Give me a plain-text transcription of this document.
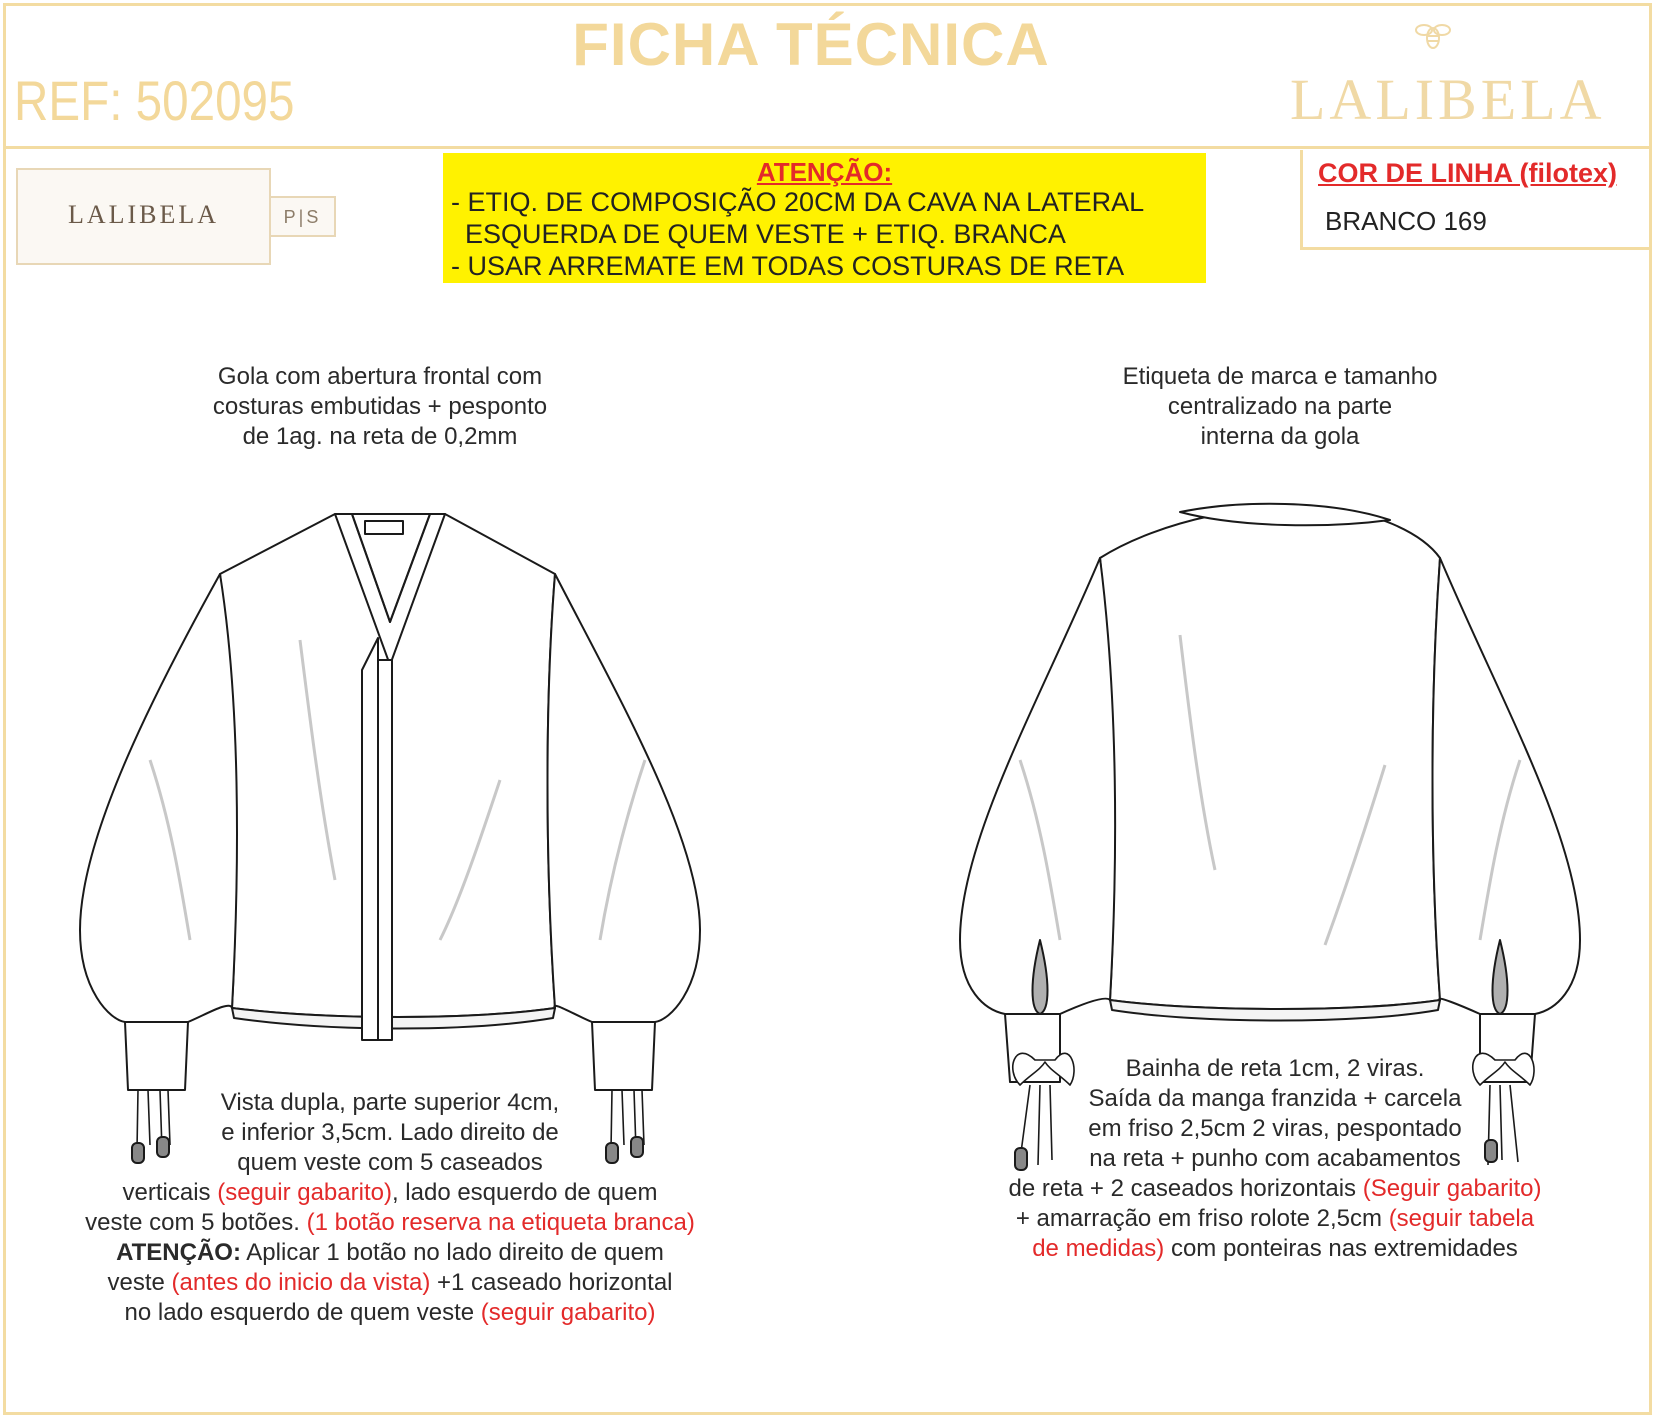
FICHA TÉCNICA
REF: 502095	LALIBELA
LALIBELA	P|S
ATENÇÃO:
- ETIQ. DE COMPOSIÇÃO 20CM DA CAVA NA LATERAL
ESQUERDA DE QUEM VESTE + ETIQ. BRANCA
- USAR ARREMATE EM TODAS COSTURAS DE RETA
COR DE LINHA (filotex)
BRANCO 169
Gola com abertura frontal com
costuras embutidas + pesponto
de 1ag. na reta de 0,2mm
Etiqueta de marca e tamanho
centralizado na parte
interna da gola
Vista dupla, parte superior 4cm,
e inferior 3,5cm. Lado direito de
quem veste com 5 caseados
verticais (seguir gabarito), lado esquerdo de quem
veste com 5 botões. (1 botão reserva na etiqueta branca)
ATENÇÃO: Aplicar 1 botão no lado direito de quem
veste (antes do inicio da vista) +1 caseado horizontal
no lado esquerdo de quem veste (seguir gabarito)
Bainha de reta 1cm, 2 viras.
Saída da manga franzida + carcela
em friso 2,5cm 2 viras, pespontado
na reta + punho com acabamentos
de reta + 2 caseados horizontais (Seguir gabarito)
+ amarração em friso rolote 2,5cm (seguir tabela
de medidas) com ponteiras nas extremidades
